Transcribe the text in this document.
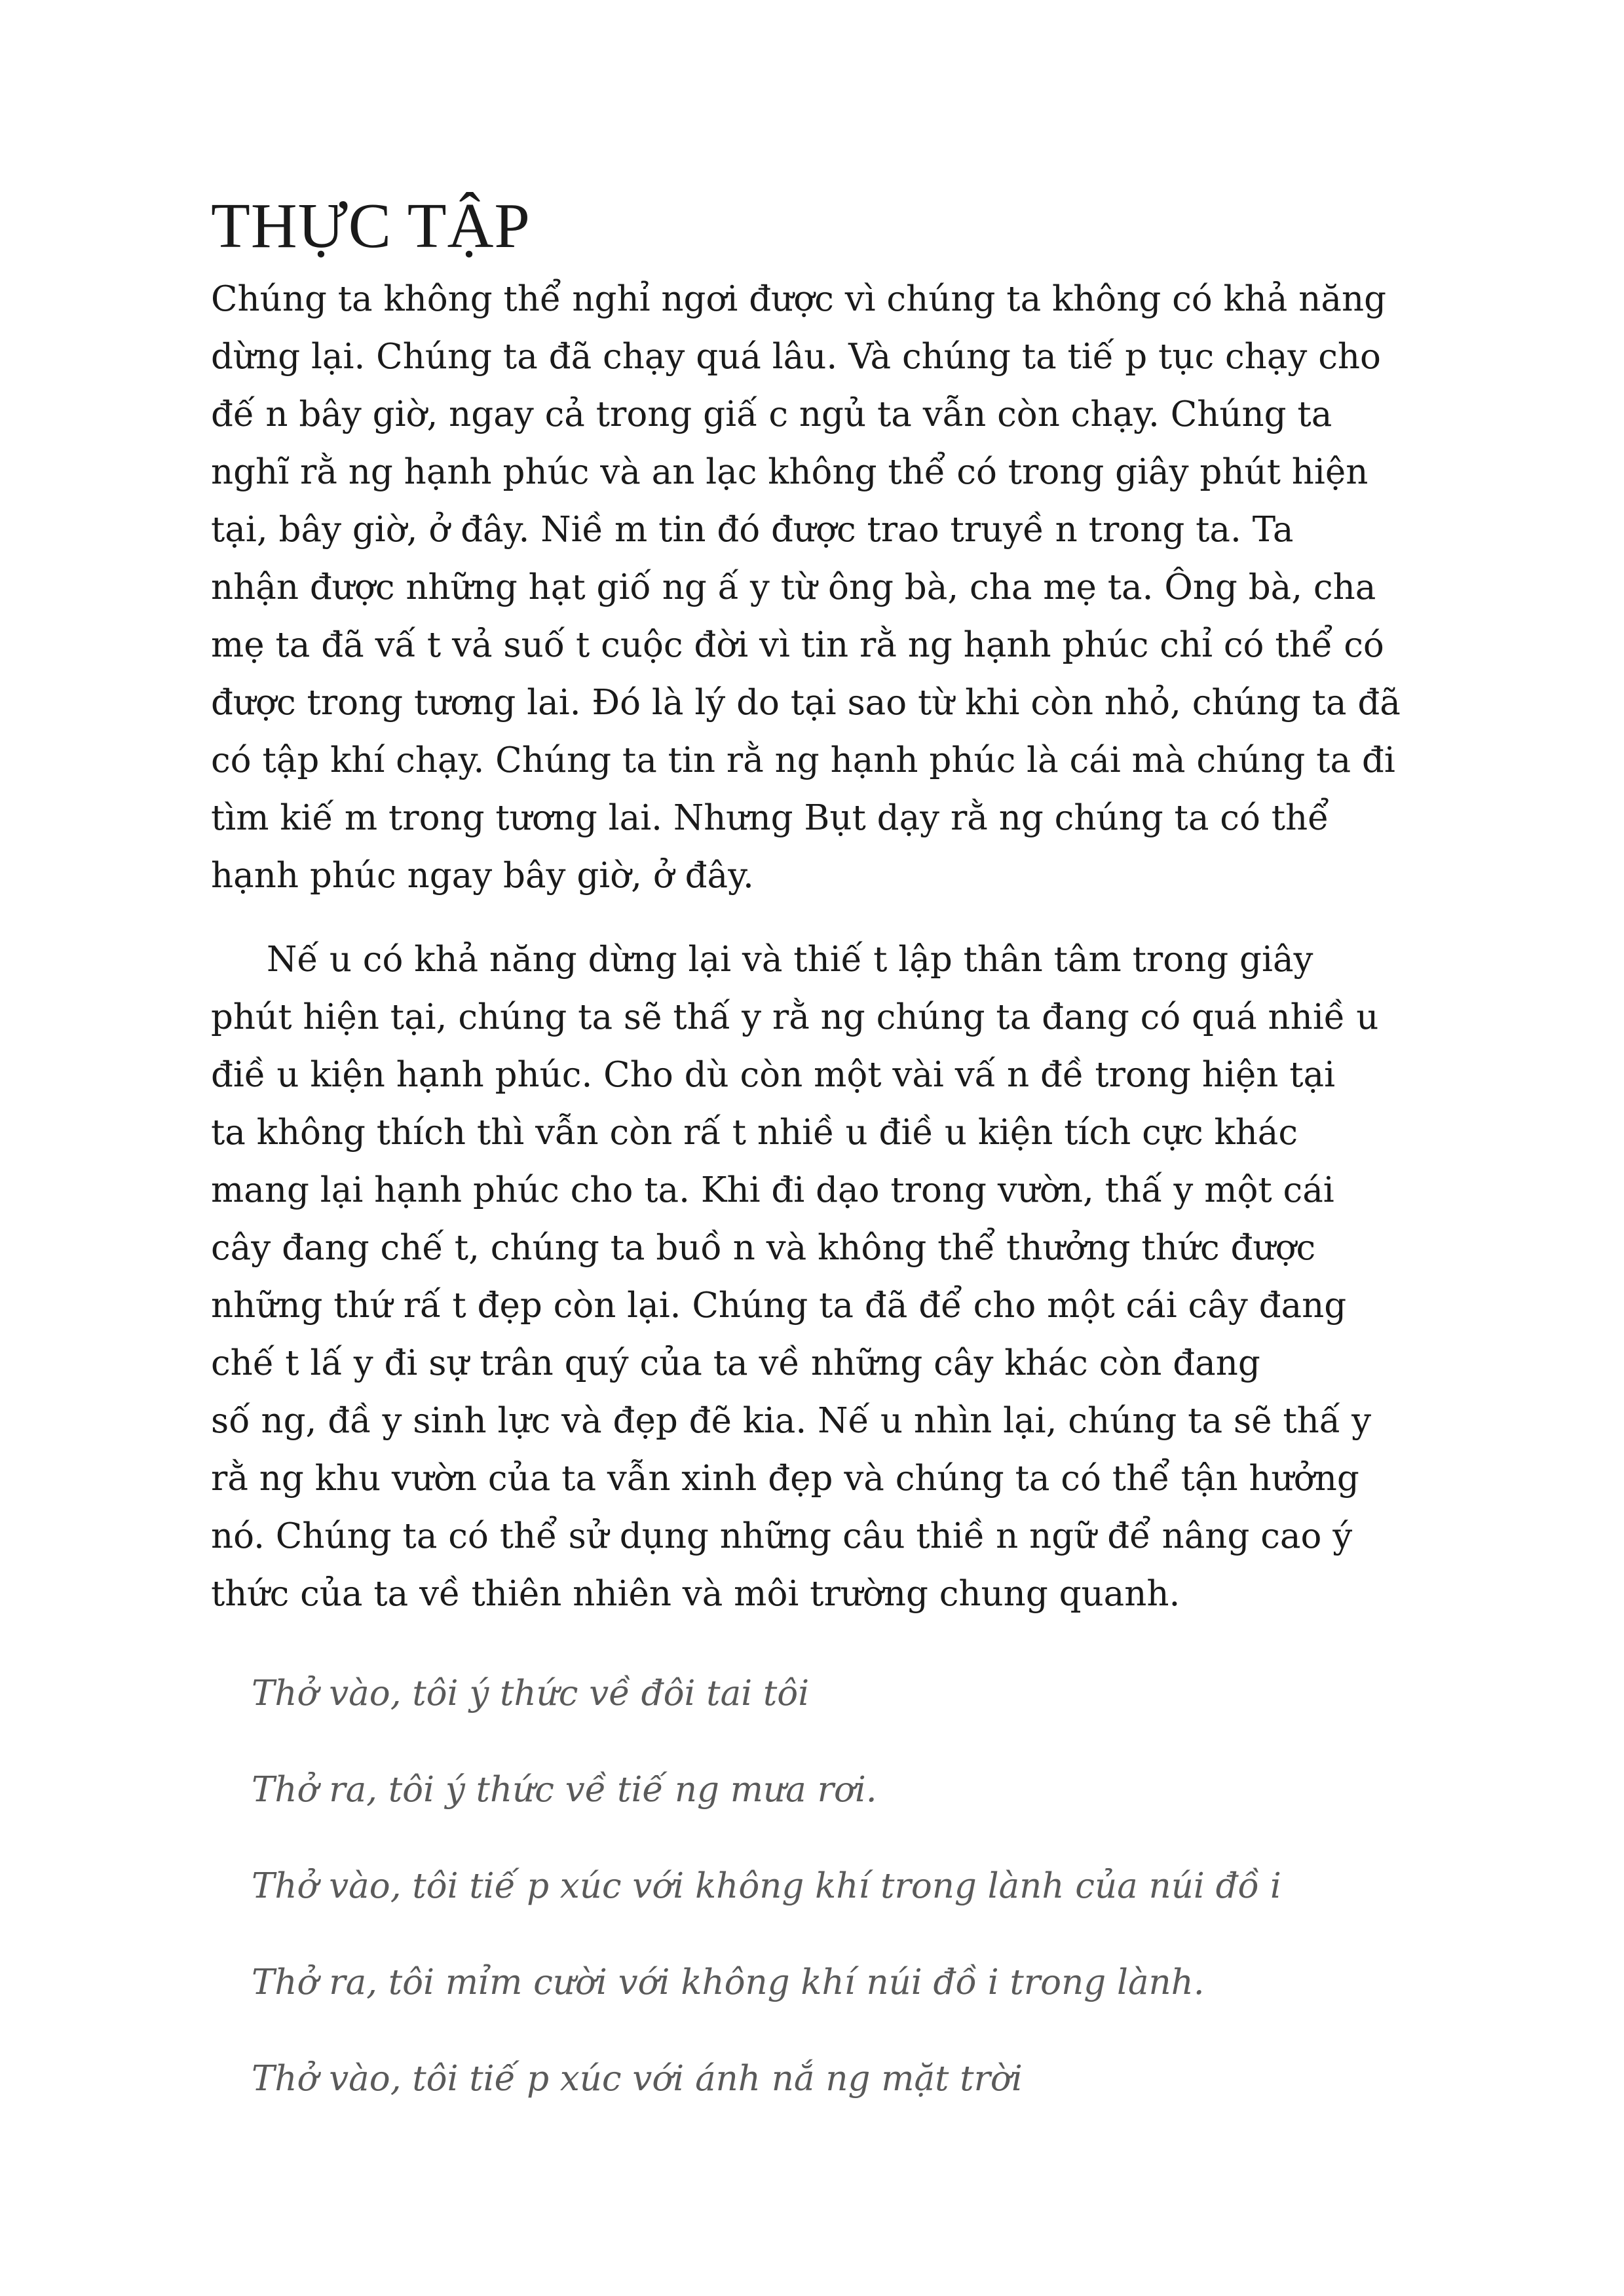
THỰC TẬP
Chúng ta không thể nghỉ ngơi được vì chúng ta không có khả năng
dừng lại. Chúng ta đã chạy quá lâu. Và chúng ta tiế p tục chạy cho
đế n bây giờ, ngay cả trong giấ c ngủ ta vẫn còn chạy. Chúng ta
nghĩ rằ ng hạnh phúc và an lạc không thể có trong giây phút hiện
tại, bây giờ, ở đây. Niề m tin đó được trao truyề n trong ta. Ta
nhận được những hạt giố ng ấ y từ ông bà, cha mẹ ta. Ông bà, cha
mẹ ta đã vấ t vả suố t cuộc đời vì tin rằ ng hạnh phúc chỉ có thể có
được trong tương lai. Đó là lý do tại sao từ khi còn nhỏ, chúng ta đã
có tập khí chạy. Chúng ta tin rằ ng hạnh phúc là cái mà chúng ta đi
tìm kiế m trong tương lai. Nhưng Bụt dạy rằ ng chúng ta có thể
hạnh phúc ngay bây giờ, ở đây.
Nế u có khả năng dừng lại và thiế t lập thân tâm trong giây
phút hiện tại, chúng ta sẽ thấ y rằ ng chúng ta đang có quá nhiề u
điề u kiện hạnh phúc. Cho dù còn một vài vấ n đề trong hiện tại
ta không thích thì vẫn còn rấ t nhiề u điề u kiện tích cực khác
mang lại hạnh phúc cho ta. Khi đi dạo trong vườn, thấ y một cái
cây đang chế t, chúng ta buồ n và không thể thưởng thức được
những thứ rấ t đẹp còn lại. Chúng ta đã để cho một cái cây đang
chế t lấ y đi sự trân quý của ta về những cây khác còn đang
số ng, đầ y sinh lực và đẹp đẽ kia. Nế u nhìn lại, chúng ta sẽ thấ y
rằ ng khu vườn của ta vẫn xinh đẹp và chúng ta có thể tận hưởng
nó. Chúng ta có thể sử dụng những câu thiề n ngữ để nâng cao ý
thức của ta về thiên nhiên và môi trường chung quanh.
Thở vào, tôi ý thức về đôi tai tôi
Thở ra, tôi ý thức về tiế ng mưa rơi.
Thở vào, tôi tiế p xúc với không khí trong lành của núi đồ i
Thở ra, tôi mỉm cười với không khí núi đồ i trong lành.
Thở vào, tôi tiế p xúc với ánh nắ ng mặt trời
